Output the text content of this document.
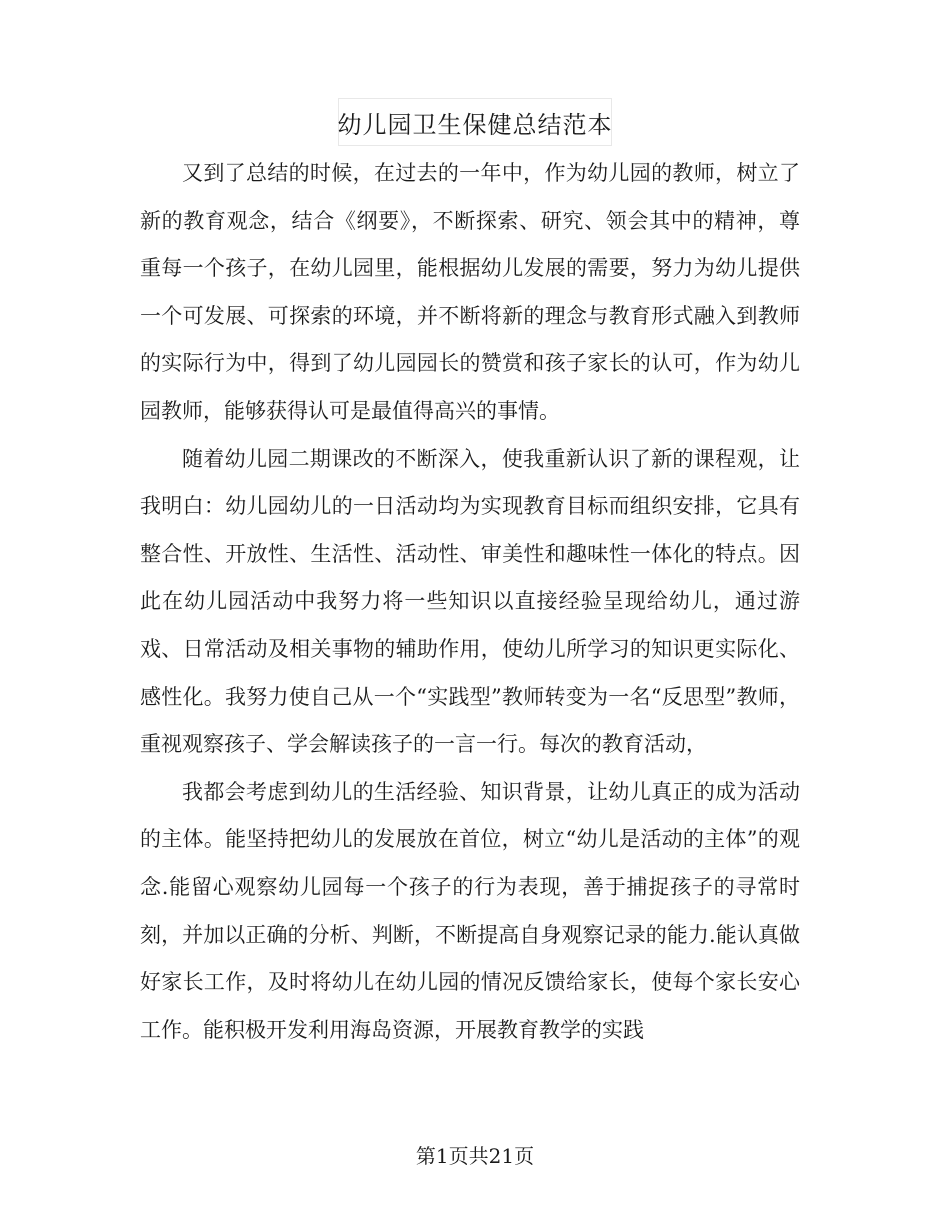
幼儿园卫生保健总结范本

又到了总结的时候，在过去的一年中，作为幼儿园的教师，树立了新的教育观念，结合《纲要》，不断探索、研究、领会其中的精神，尊重每一个孩子，在幼儿园里，能根据幼儿发展的需要，努力为幼儿提供一个可发展、可探索的环境，并不断将新的理念与教育形式融入到教师的实际行为中，得到了幼儿园园长的赞赏和孩子家长的认可，作为幼儿园教师，能够获得认可是最值得高兴的事情。

随着幼儿园二期课改的不断深入，使我重新认识了新的课程观，让我明白：幼儿园幼儿的一日活动均为实现教育目标而组织安排，它具有整合性、开放性、生活性、活动性、审美性和趣味性一体化的特点。因此在幼儿园活动中我努力将一些知识以直接经验呈现给幼儿，通过游戏、日常活动及相关事物的辅助作用，使幼儿所学习的知识更实际化、感性化。我努力使自己从一个“实践型”教师转变为一名“反思型”教师，重视观察孩子、学会解读孩子的一言一行。每次的教育活动，

我都会考虑到幼儿的生活经验、知识背景，让幼儿真正的成为活动的主体。能坚持把幼儿的发展放在首位，树立“幼儿是活动的主体”的观念.能留心观察幼儿园每一个孩子的行为表现，善于捕捉孩子的寻常时刻，并加以正确的分析、判断，不断提高自身观察记录的能力.能认真做好家长工作，及时将幼儿在幼儿园的情况反馈给家长，使每个家长安心工作。能积极开发利用海岛资源，开展教育教学的实践

第1页共21页
